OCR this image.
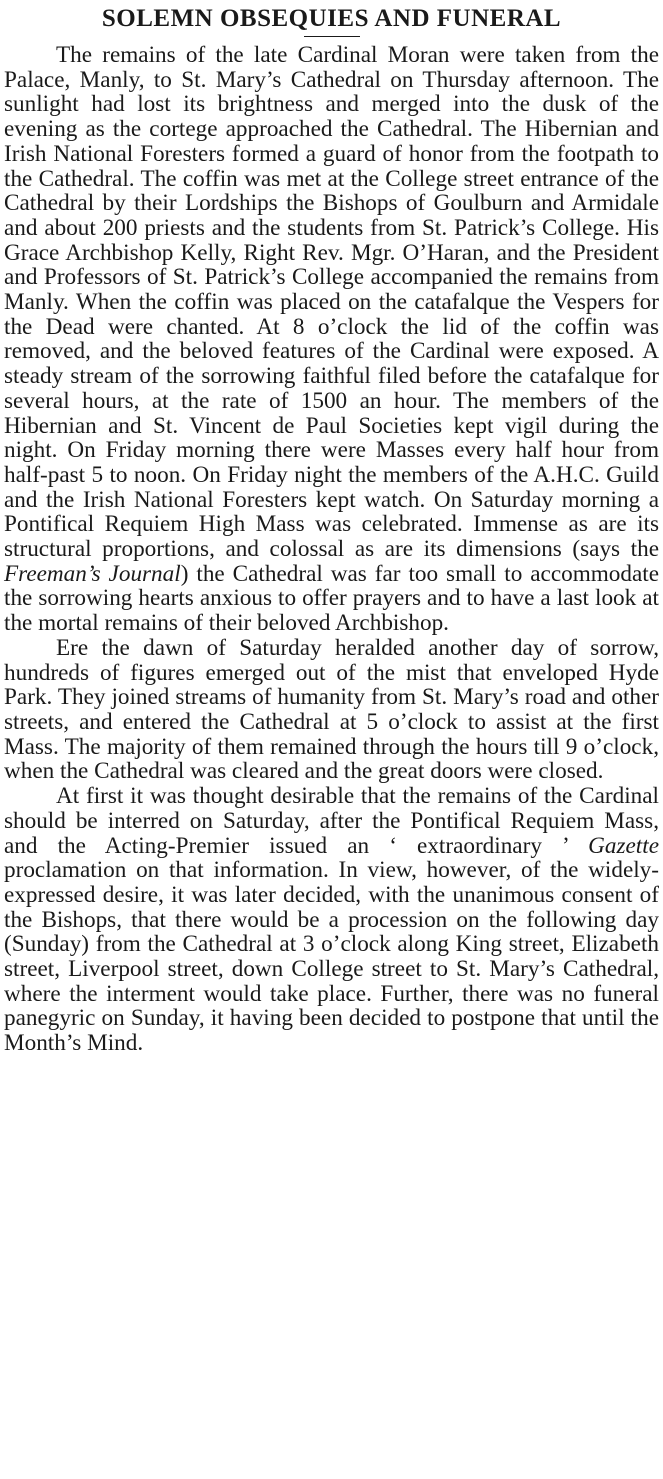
SOLEMN OBSEQUIES AND FUNERAL

The remains of the late Cardinal Moran were taken from the Palace, Manly, to St. Mary’s Cathedral on Thursday afternoon. The sunlight had lost its brightness and merged into the dusk of the evening as the cortege approached the Cathedral. The Hibernian and Irish National Foresters formed a guard of honor from the footpath to the Cathedral. The coffin was met at the College street entrance of the Cathedral by their Lordships the Bishops of Goulburn and Armidale and about 200 priests and the students from St. Patrick’s College. His Grace Archbishop Kelly, Right Rev. Mgr. O’Haran, and the President and Professors of St. Patrick’s College accompanied the remains from Manly. When the coffin was placed on the catafalque the Vespers for the Dead were chanted. At 8 o’clock the lid of the coffin was removed, and the beloved features of the Cardinal were exposed. A steady stream of the sorrowing faithful filed before the catafalque for several hours, at the rate of 1500 an hour. The members of the Hibernian and St. Vincent de Paul Societies kept vigil during the night. On Friday morning there were Masses every half hour from half-past 5 to noon. On Friday night the members of the A.H.C. Guild and the Irish National Foresters kept watch. On Saturday morning a Pontifical Requiem High Mass was celebrated. Immense as are its structural proportions, and colossal as are its dimensions (says the Freeman’s Journal) the Cathedral was far too small to accommodate the sorrowing hearts anxious to offer prayers and to have a last look at the mortal remains of their beloved Archbishop.

Ere the dawn of Saturday heralded another day of sorrow, hundreds of figures emerged out of the mist that enveloped Hyde Park. They joined streams of humanity from St. Mary’s road and other streets, and entered the Cathedral at 5 o’clock to assist at the first Mass. The majority of them remained through the hours till 9 o’clock, when the Cathedral was cleared and the great doors were closed.

At first it was thought desirable that the remains of the Cardinal should be interred on Saturday, after the Pontifical Requiem Mass, and the Acting-Premier issued an ‘ extraordinary ’ Gazette proclamation on that information. In view, however, of the widely-expressed desire, it was later decided, with the unanimous consent of the Bishops, that there would be a procession on the following day (Sunday) from the Cathedral at 3 o’clock along King street, Elizabeth street, Liverpool street, down College street to St. Mary’s Cathedral, where the interment would take place. Further, there was no funeral panegyric on Sunday, it having been decided to postpone that until the Month’s Mind.
